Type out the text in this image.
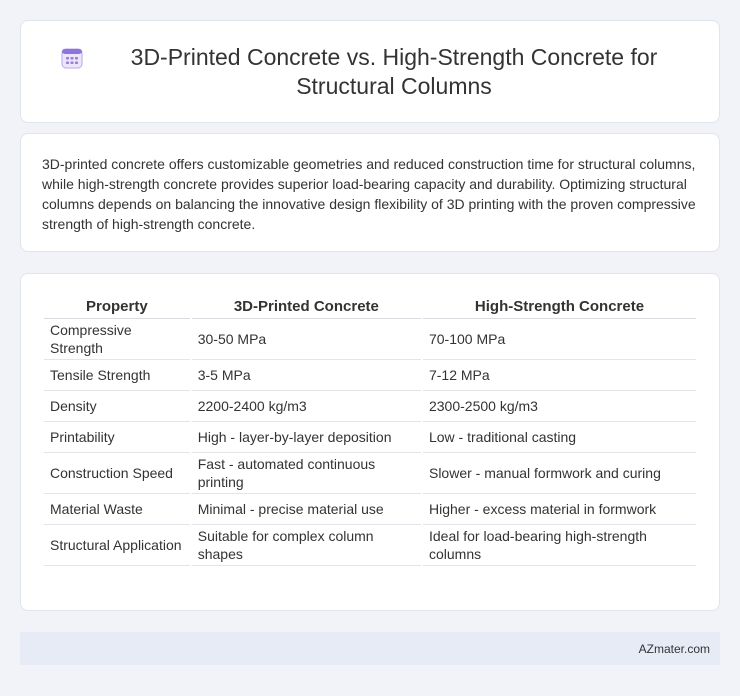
3D-Printed Concrete vs. High-Strength Concrete for Structural Columns

3D-printed concrete offers customizable geometries and reduced construction time for structural columns, while high-strength concrete provides superior load-bearing capacity and durability. Optimizing structural columns depends on balancing the innovative design flexibility of 3D printing with the proven compressive strength of high-strength concrete.

Property	3D-Printed Concrete	High-Strength Concrete
Compressive Strength	30-50 MPa	70-100 MPa
Tensile Strength	3-5 MPa	7-12 MPa
Density	2200-2400 kg/m3	2300-2500 kg/m3
Printability	High - layer-by-layer deposition	Low - traditional casting
Construction Speed	Fast - automated continuous printing	Slower - manual formwork and curing
Material Waste	Minimal - precise material use	Higher - excess material in formwork
Structural Application	Suitable for complex column shapes	Ideal for load-bearing high-strength columns
AZmater.com
